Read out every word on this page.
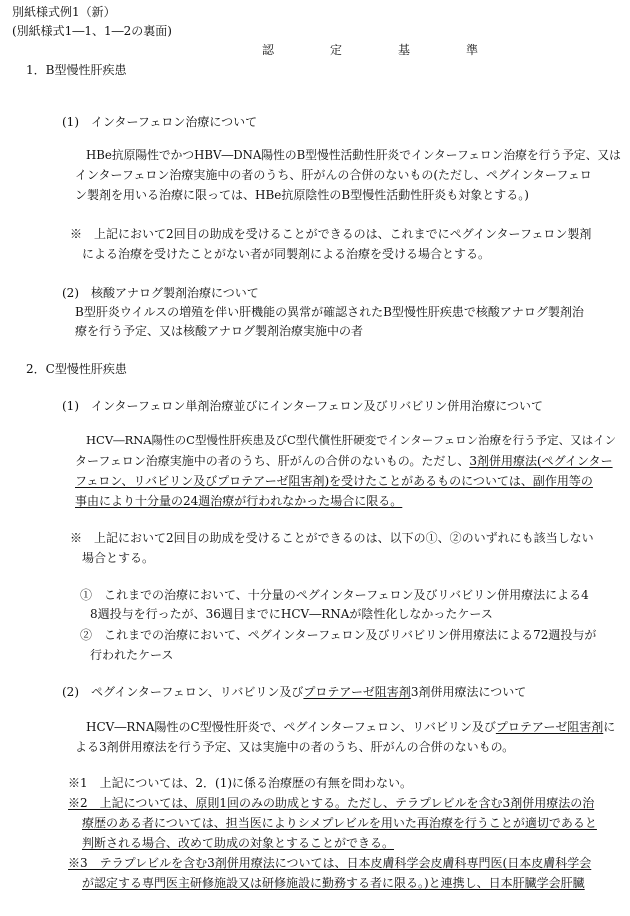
別紙様式例1（新）
(別紙様式1―1、1―2の裏面)
認　定　基　準
1．B型慢性肝疾患
(1)　インターフェロン治療について
HBe抗原陽性でかつHBV―DNA陽性のB型慢性活動性肝炎でインターフェロン治療を行う予定、又は
インターフェロン治療実施中の者のうち、肝がんの合併のないもの(ただし、ペグインターフェロ
ン製剤を用いる治療に限っては、HBe抗原陰性のB型慢性活動性肝炎も対象とする。)
※　上記において2回目の助成を受けることができるのは、これまでにペグインターフェロン製剤
による治療を受けたことがない者が同製剤による治療を受ける場合とする。
(2)　核酸アナログ製剤治療について
B型肝炎ウイルスの増殖を伴い肝機能の異常が確認されたB型慢性肝疾患で核酸アナログ製剤治
療を行う予定、又は核酸アナログ製剤治療実施中の者
2．C型慢性肝疾患
(1)　インターフェロン単剤治療並びにインターフェロン及びリバビリン併用治療について
HCV―RNA陽性のC型慢性肝疾患及びC型代償性肝硬変でインターフェロン治療を行う予定、又はイン
ターフェロン治療実施中の者のうち、肝がんの合併のないもの。ただし、3剤併用療法(ペグインター
フェロン、リバビリン及びプロテアーゼ阻害剤)を受けたことがあるものについては、副作用等の
事由により十分量の24週治療が行われなかった場合に限る。
※　上記において2回目の助成を受けることができるのは、以下の①、②のいずれにも該当しない
場合とする。
①　これまでの治療において、十分量のペグインターフェロン及びリバビリン併用療法による4
8週投与を行ったが、36週目までにHCV―RNAが陰性化しなかったケース
②　これまでの治療において、ペグインターフェロン及びリバビリン併用療法による72週投与が
行われたケース
(2)　ペグインターフェロン、リバビリン及びプロテアーゼ阻害剤3剤併用療法について
HCV―RNA陽性のC型慢性肝炎で、ペグインターフェロン、リバビリン及びプロテアーゼ阻害剤に
よる3剤併用療法を行う予定、又は実施中の者のうち、肝がんの合併のないもの。
※1　上記については、2．(1)に係る治療歴の有無を問わない。
※2　上記については、原則1回のみの助成とする。ただし、テラプレビルを含む3剤併用療法の治
療歴のある者については、担当医によりシメプレビルを用いた再治療を行うことが適切であると
判断される場合、改めて助成の対象とすることができる。
※3　テラプレビルを含む3剤併用療法については、日本皮膚科学会皮膚科専門医(日本皮膚科学会
が認定する専門医主研修施設又は研修施設に勤務する者に限る。)と連携し、日本肝臓学会肝臓
